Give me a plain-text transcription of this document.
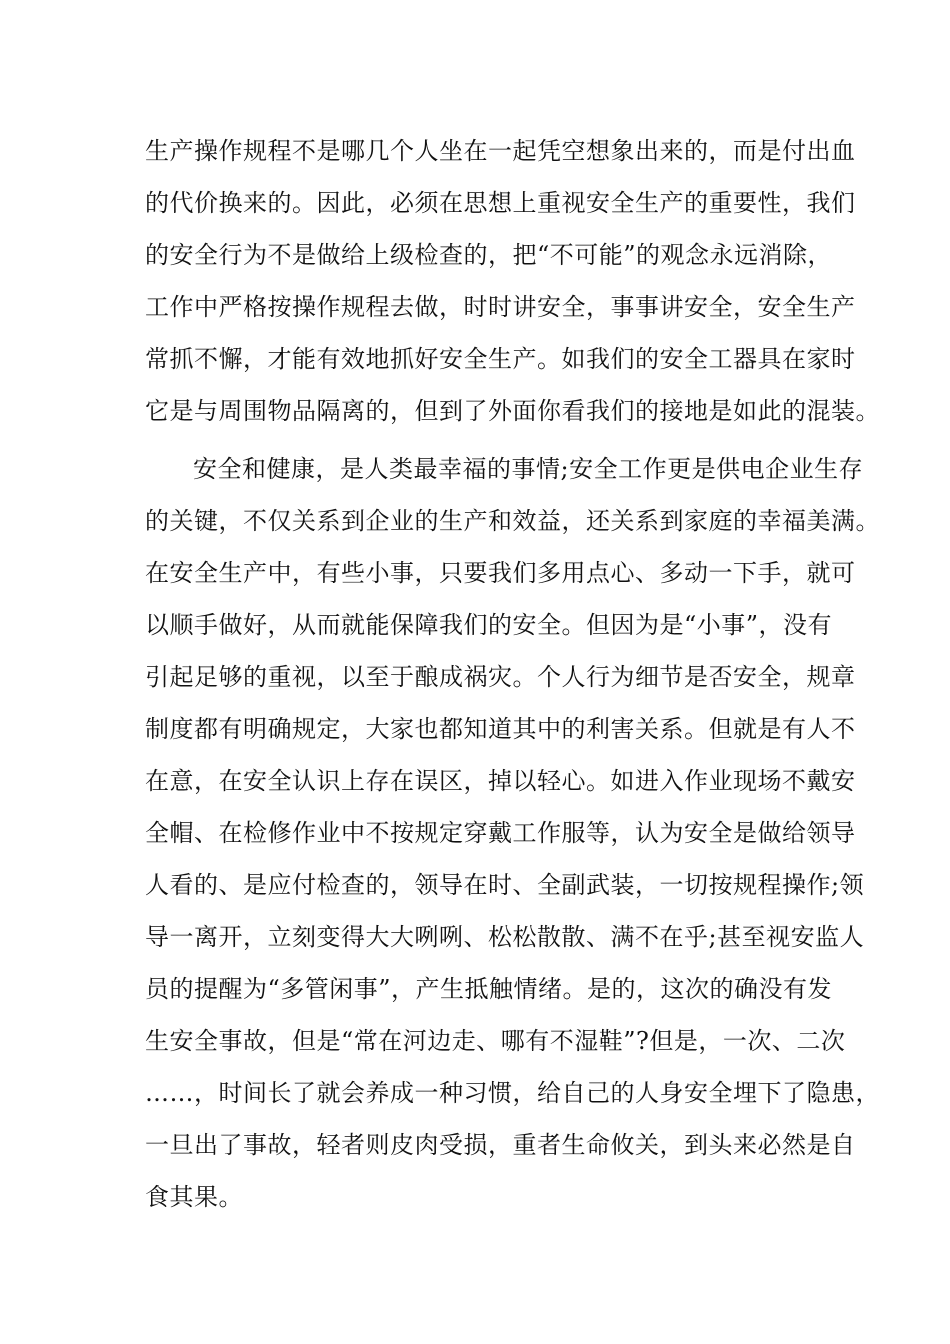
生产操作规程不是哪几个人坐在一起凭空想象出来的，而是付出血
的代价换来的。因此，必须在思想上重视安全生产的重要性，我们
的安全行为不是做给上级检查的，把“不可能”的观念永远消除，
工作中严格按操作规程去做，时时讲安全，事事讲安全，安全生产
常抓不懈，才能有效地抓好安全生产。如我们的安全工器具在家时
它是与周围物品隔离的，但到了外面你看我们的接地是如此的混装。
安全和健康，是人类最幸福的事情;安全工作更是供电企业生存
的关键，不仅关系到企业的生产和效益，还关系到家庭的幸福美满。
在安全生产中，有些小事，只要我们多用点心、多动一下手，就可
以顺手做好，从而就能保障我们的安全。但因为是“小事”，没有
引起足够的重视，以至于酿成祸灾。个人行为细节是否安全，规章
制度都有明确规定，大家也都知道其中的利害关系。但就是有人不
在意，在安全认识上存在误区，掉以轻心。如进入作业现场不戴安
全帽、在检修作业中不按规定穿戴工作服等，认为安全是做给领导
人看的、是应付检查的，领导在时、全副武装，一切按规程操作;领
导一离开，立刻变得大大咧咧、松松散散、满不在乎;甚至视安监人
员的提醒为“多管闲事”，产生抵触情绪。是的，这次的确没有发
生安全事故，但是“常在河边走、哪有不湿鞋”?但是，一次、二次
……，时间长了就会养成一种习惯，给自己的人身安全埋下了隐患，
一旦出了事故，轻者则皮肉受损，重者生命攸关，到头来必然是自
食其果。
